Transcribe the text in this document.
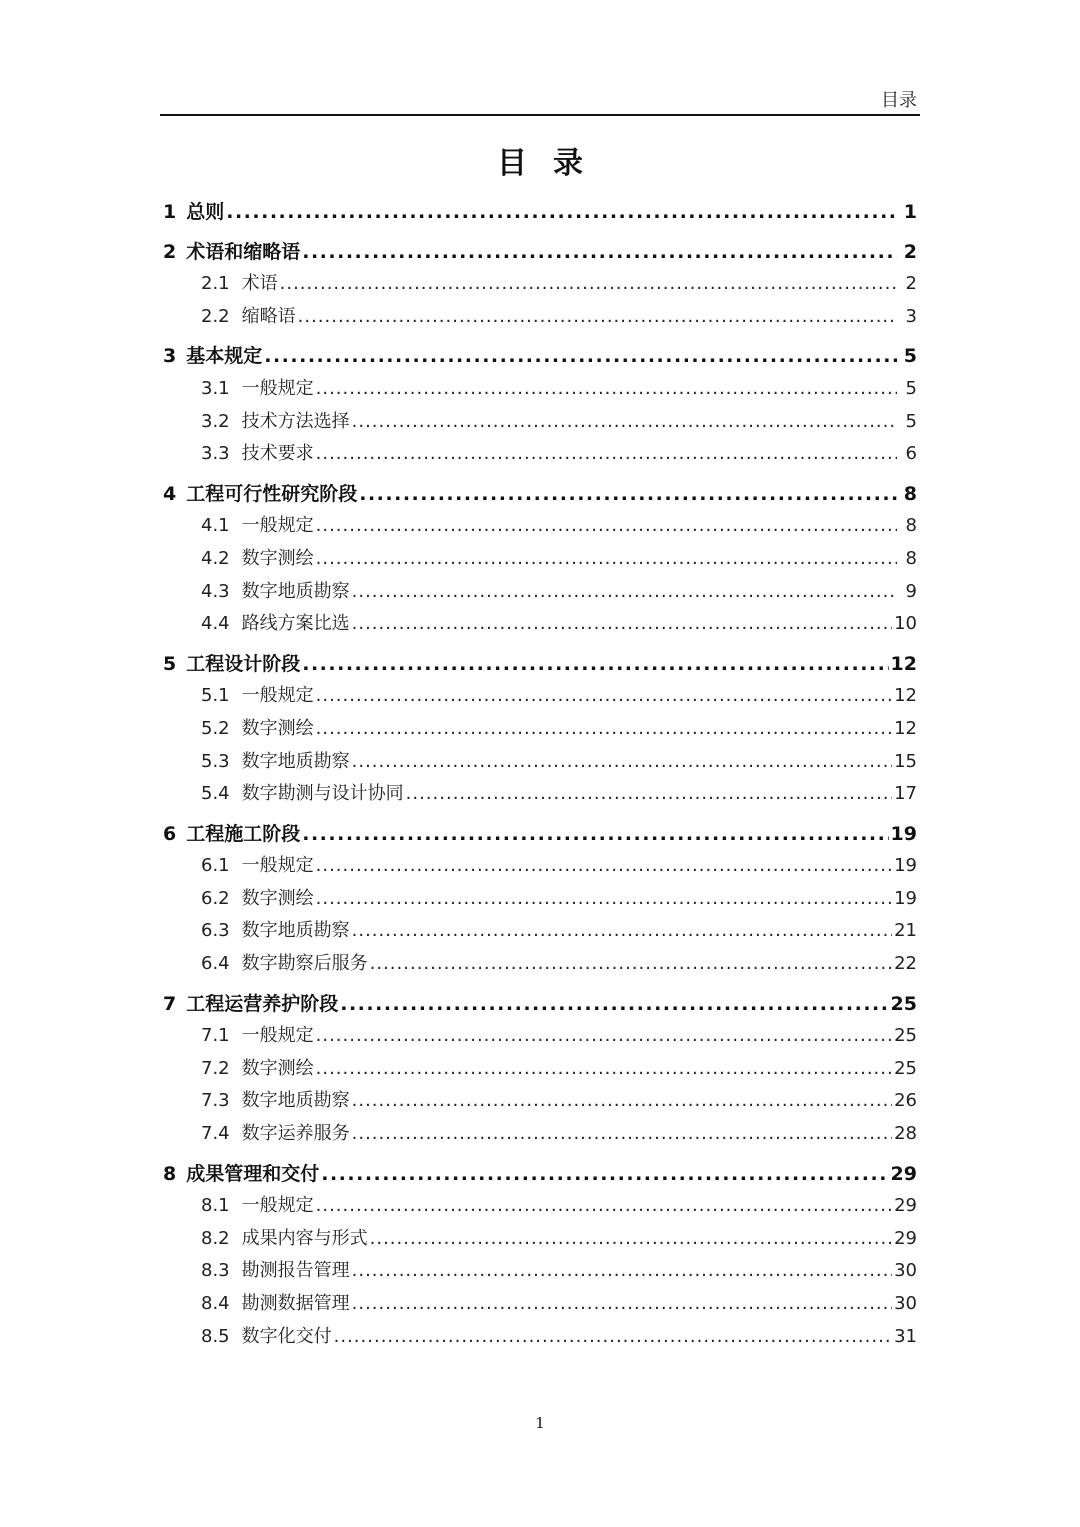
目录
目录
1 总则 .....	1
2 术语和缩略语 .....	2
2.1 术语 .....	2
2.2 缩略语 .....	3
3 基本规定 .....	5
3.1 一般规定 .....	5
3.2 技术方法选择 .....	5
3.3 技术要求 .....	6
4 工程可行性研究阶段 .....	8
4.1 一般规定 .....	8
4.2 数字测绘 .....	8
4.3 数字地质勘察 .....	9
4.4 路线方案比选 .....	10
5 工程设计阶段 .....	12
5.1 一般规定 .....	12
5.2 数字测绘 .....	12
5.3 数字地质勘察 .....	15
5.4 数字勘测与设计协同 .....	17
6 工程施工阶段 .....	19
6.1 一般规定 .....	19
6.2 数字测绘 .....	19
6.3 数字地质勘察 .....	21
6.4 数字勘察后服务 .....	22
7 工程运营养护阶段 .....	25
7.1 一般规定 .....	25
7.2 数字测绘 .....	25
7.3 数字地质勘察 .....	26
7.4 数字运养服务 .....	28
8 成果管理和交付 .....	29
8.1 一般规定 .....	29
8.2 成果内容与形式 .....	29
8.3 勘测报告管理 .....	30
8.4 勘测数据管理 .....	30
8.5 数字化交付 .....	31
1
